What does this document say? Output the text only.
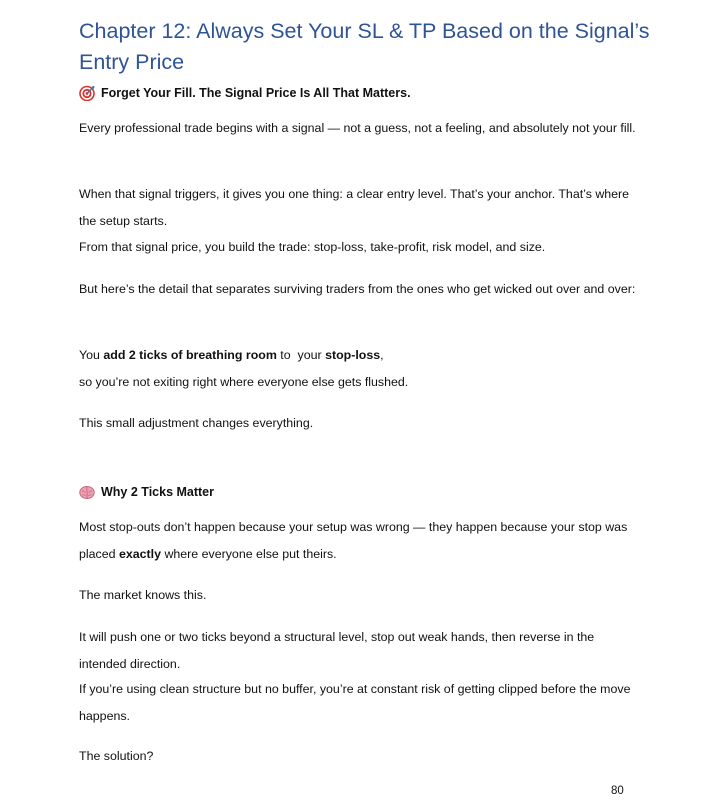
Chapter 12: Always Set Your SL & TP Based on the Signal’s Entry Price
Forget Your Fill. The Signal Price Is All That Matters.

Every professional trade begins with a signal — not a guess, not a feeling, and absolutely not your fill.

When that signal triggers, it gives you one thing: a clear entry level. That’s your anchor. That’s where the setup starts.

From that signal price, you build the trade: stop-loss, take-profit, risk model, and size.

But here’s the detail that separates surviving traders from the ones who get wicked out over and over:

You add 2 ticks of breathing room to  your stop-loss,
so you’re not exiting right where everyone else gets flushed.

This small adjustment changes everything.

Why 2 Ticks Matter

Most stop-outs don’t happen because your setup was wrong — they happen because your stop was placed exactly where everyone else put theirs.

The market knows this.

It will push one or two ticks beyond a structural level, stop out weak hands, then reverse in the intended direction.

If you’re using clean structure but no buffer, you’re at constant risk of getting clipped before the move happens.

The solution?

80
